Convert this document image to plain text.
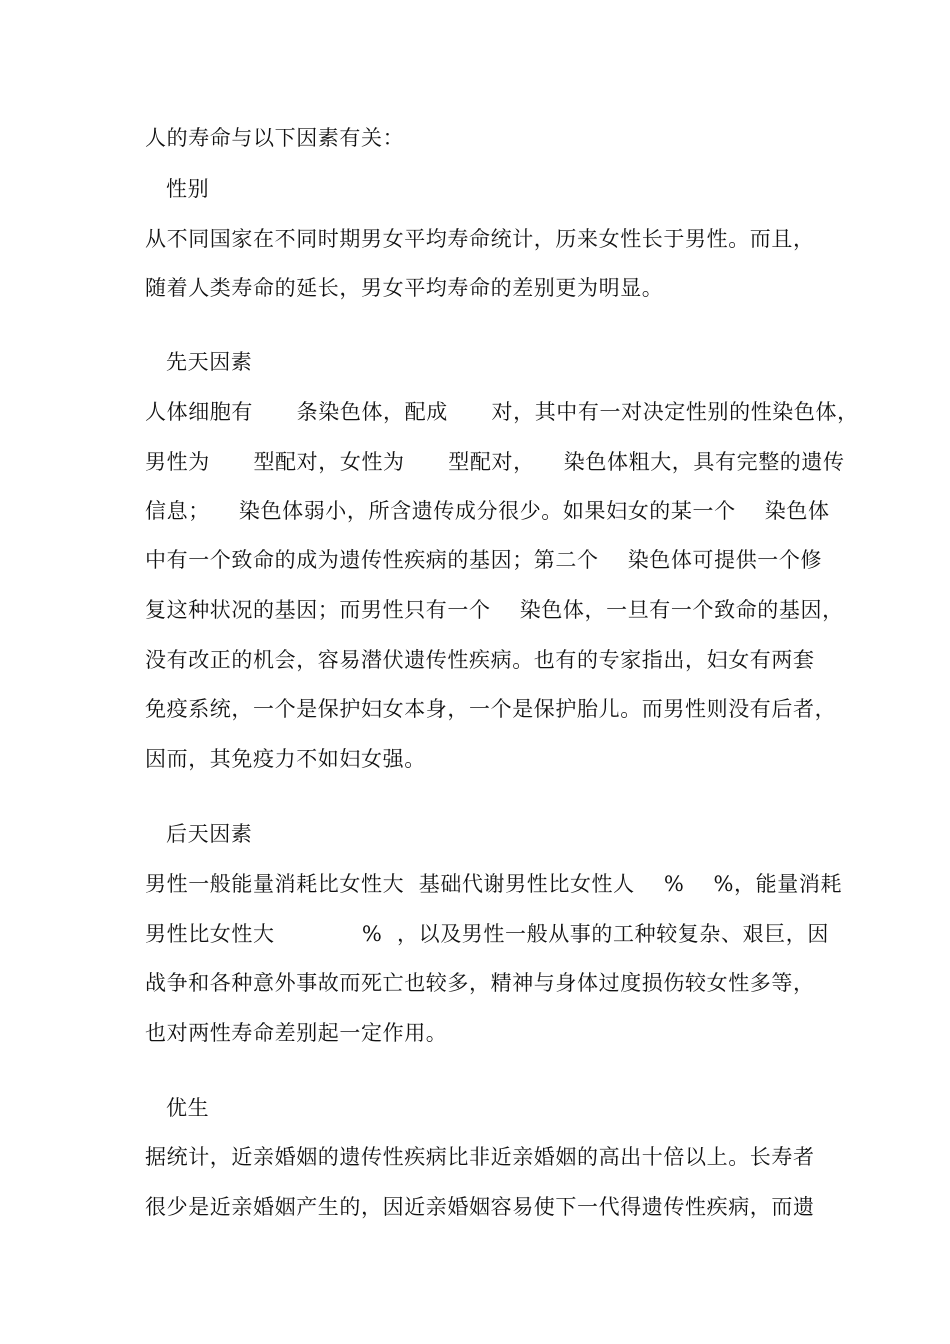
人的寿命与以下因素有关：
性别
从不同国家在不同时期男女平均寿命统计，历来女性长于男性。而且，
随着人类寿命的延长，男女平均寿命的差别更为明显。
先天因素
人体细胞有      条染色体，配成      对，其中有一对决定性别的性染色体，
男性为      型配对，女性为      型配对，    染色体粗大，具有完整的遗传
信息；    染色体弱小，所含遗传成分很少。如果妇女的某一个    染色体
中有一个致命的成为遗传性疾病的基因；第二个    染色体可提供一个修
复这种状况的基因；而男性只有一个    染色体，一旦有一个致命的基因，
没有改正的机会，容易潜伏遗传性疾病。也有的专家指出，妇女有两套
免疫系统，一个是保护妇女本身，一个是保护胎儿。而男性则没有后者，
因而，其免疫力不如妇女强。
后天因素
男性一般能量消耗比女性大  基础代谢男性比女性人    %    %，能量消耗
男性比女性大            %  ，以及男性一般从事的工种较复杂、艰巨，因
战争和各种意外事故而死亡也较多，精神与身体过度损伤较女性多等，
也对两性寿命差别起一定作用。
优生
据统计，近亲婚姻的遗传性疾病比非近亲婚姻的高出十倍以上。长寿者
很少是近亲婚姻产生的，因近亲婚姻容易使下一代得遗传性疾病，而遗
